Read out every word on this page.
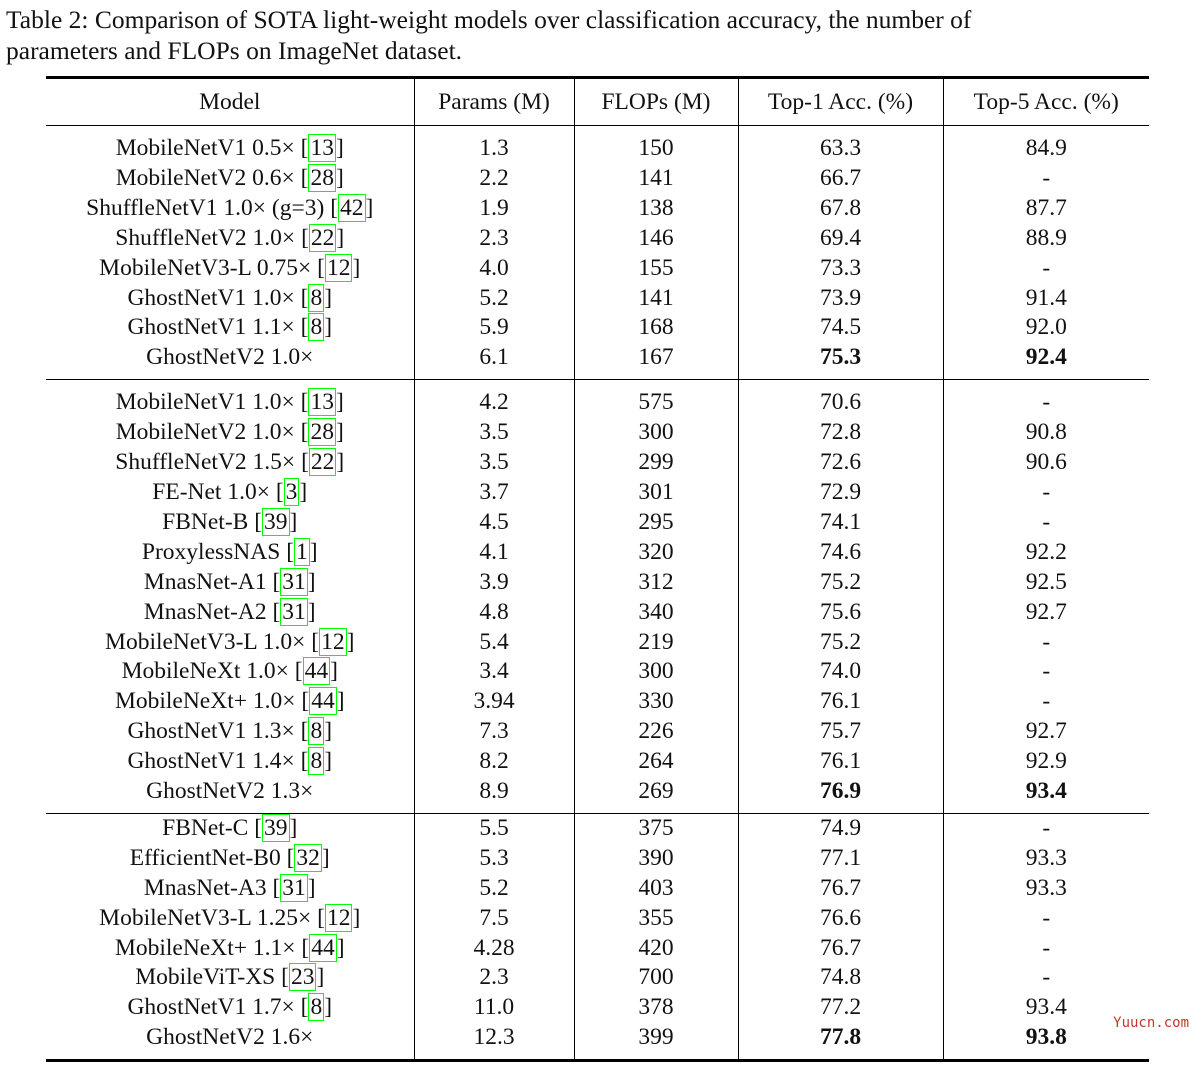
Table 2: Comparison of SOTA light-weight models over classification accuracy, the number of
parameters and FLOPs on ImageNet dataset.
Model	Params (M)	FLOPs (M)	Top-1 Acc. (%)	Top-5 Acc. (%)
MobileNetV1 0.5× [13]	1.3	150	63.3	84.9
MobileNetV2 0.6× [28]	2.2	141	66.7	-
ShuffleNetV1 1.0× (g=3) [42]	1.9	138	67.8	87.7
ShuffleNetV2 1.0× [22]	2.3	146	69.4	88.9
MobileNetV3-L 0.75× [12]	4.0	155	73.3	-
GhostNetV1 1.0× [8]	5.2	141	73.9	91.4
GhostNetV1 1.1× [8]	5.9	168	74.5	92.0
GhostNetV2 1.0×	6.1	167	75.3	92.4
MobileNetV1 1.0× [13]	4.2	575	70.6	-
MobileNetV2 1.0× [28]	3.5	300	72.8	90.8
ShuffleNetV2 1.5× [22]	3.5	299	72.6	90.6
FE-Net 1.0× [3]	3.7	301	72.9	-
FBNet-B [39]	4.5	295	74.1	-
ProxylessNAS [1]	4.1	320	74.6	92.2
MnasNet-A1 [31]	3.9	312	75.2	92.5
MnasNet-A2 [31]	4.8	340	75.6	92.7
MobileNetV3-L 1.0× [12]	5.4	219	75.2	-
MobileNeXt 1.0× [44]	3.4	300	74.0	-
MobileNeXt+ 1.0× [44]	3.94	330	76.1	-
GhostNetV1 1.3× [8]	7.3	226	75.7	92.7
GhostNetV1 1.4× [8]	8.2	264	76.1	92.9
GhostNetV2 1.3×	8.9	269	76.9	93.4
FBNet-C [39]	5.5	375	74.9	-
EfficientNet-B0 [32]	5.3	390	77.1	93.3
MnasNet-A3 [31]	5.2	403	76.7	93.3
MobileNetV3-L 1.25× [12]	7.5	355	76.6	-
MobileNeXt+ 1.1× [44]	4.28	420	76.7	-
MobileViT-XS [23]	2.3	700	74.8	-
GhostNetV1 1.7× [8]	11.0	378	77.2	93.4
GhostNetV2 1.6×	12.3	399	77.8	93.8
Yuucn.com
